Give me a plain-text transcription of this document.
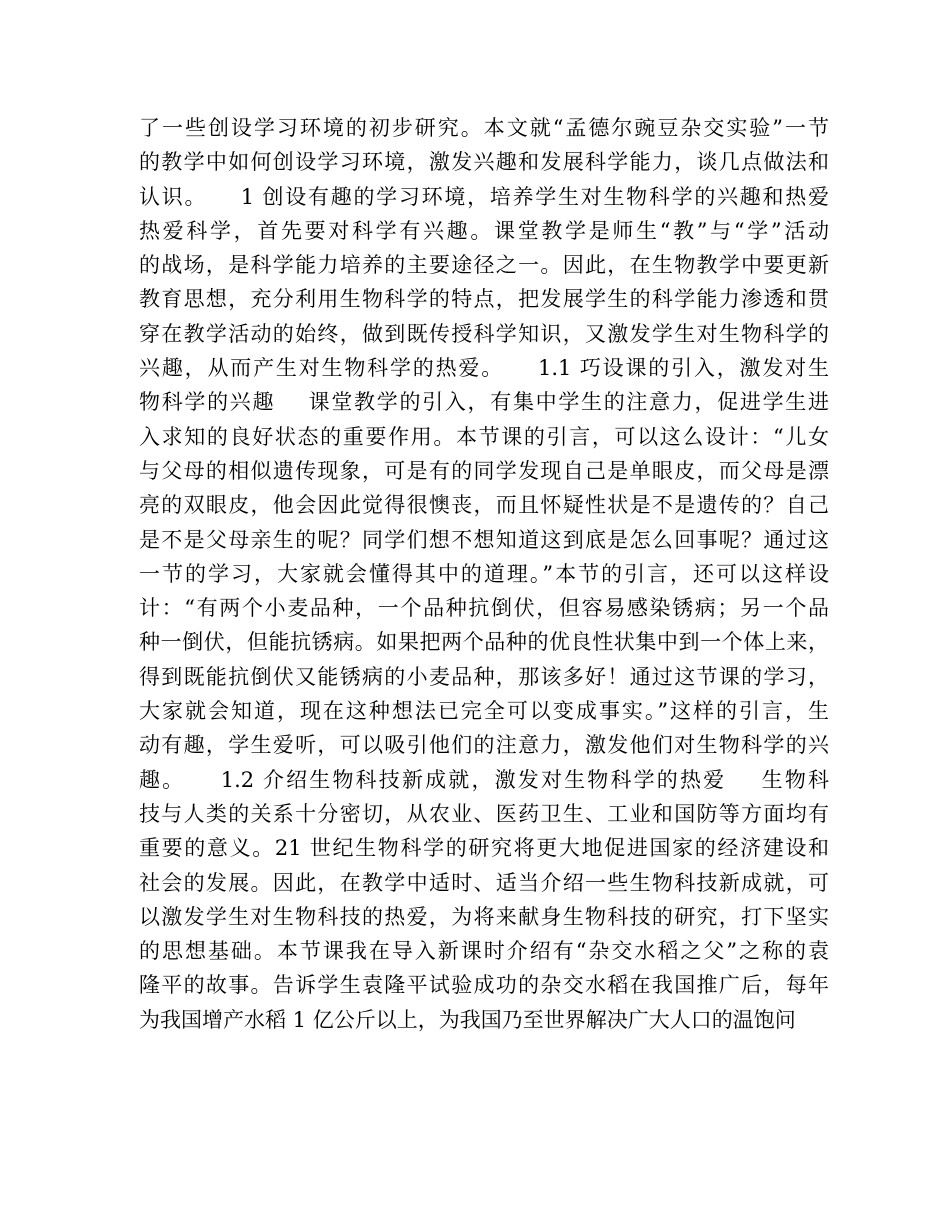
了一些创设学习环境的初步研究。本文就“孟德尔豌豆杂交实验”一节
的教学中如何创设学习环境，激发兴趣和发展科学能力，谈几点做法和
认识。    1 创设有趣的学习环境，培养学生对生物科学的兴趣和热爱
热爱科学，首先要对科学有兴趣。课堂教学是师生“教”与“学”活动
的战场，是科学能力培养的主要途径之一。因此，在生物教学中要更新
教育思想，充分利用生物科学的特点，把发展学生的科学能力渗透和贯
穿在教学活动的始终，做到既传授科学知识，又激发学生对生物科学的
兴趣，从而产生对生物科学的热爱。    1.1 巧设课的引入，激发对生
物科学的兴趣    课堂教学的引入，有集中学生的注意力，促进学生进
入求知的良好状态的重要作用。本节课的引言，可以这么设计：“儿女
与父母的相似遗传现象，可是有的同学发现自己是单眼皮，而父母是漂
亮的双眼皮，他会因此觉得很懊丧，而且怀疑性状是不是遗传的？自己
是不是父母亲生的呢？同学们想不想知道这到底是怎么回事呢？通过这
一节的学习，大家就会懂得其中的道理。”本节的引言，还可以这样设
计：“有两个小麦品种，一个品种抗倒伏，但容易感染锈病；另一个品
种一倒伏，但能抗锈病。如果把两个品种的优良性状集中到一个体上来，
得到既能抗倒伏又能锈病的小麦品种，那该多好！通过这节课的学习，
大家就会知道，现在这种想法已完全可以变成事实。”这样的引言，生
动有趣，学生爱听，可以吸引他们的注意力，激发他们对生物科学的兴
趣。    1.2 介绍生物科技新成就，激发对生物科学的热爱    生物科
技与人类的关系十分密切，从农业、医药卫生、工业和国防等方面均有
重要的意义。21 世纪生物科学的研究将更大地促进国家的经济建设和
社会的发展。因此，在教学中适时、适当介绍一些生物科技新成就，可
以激发学生对生物科技的热爱，为将来献身生物科技的研究，打下坚实
的思想基础。本节课我在导入新课时介绍有“杂交水稻之父”之称的袁
隆平的故事。告诉学生袁隆平试验成功的杂交水稻在我国推广后，每年
为我国增产水稻 1 亿公斤以上，为我国乃至世界解决广大人口的温饱问
